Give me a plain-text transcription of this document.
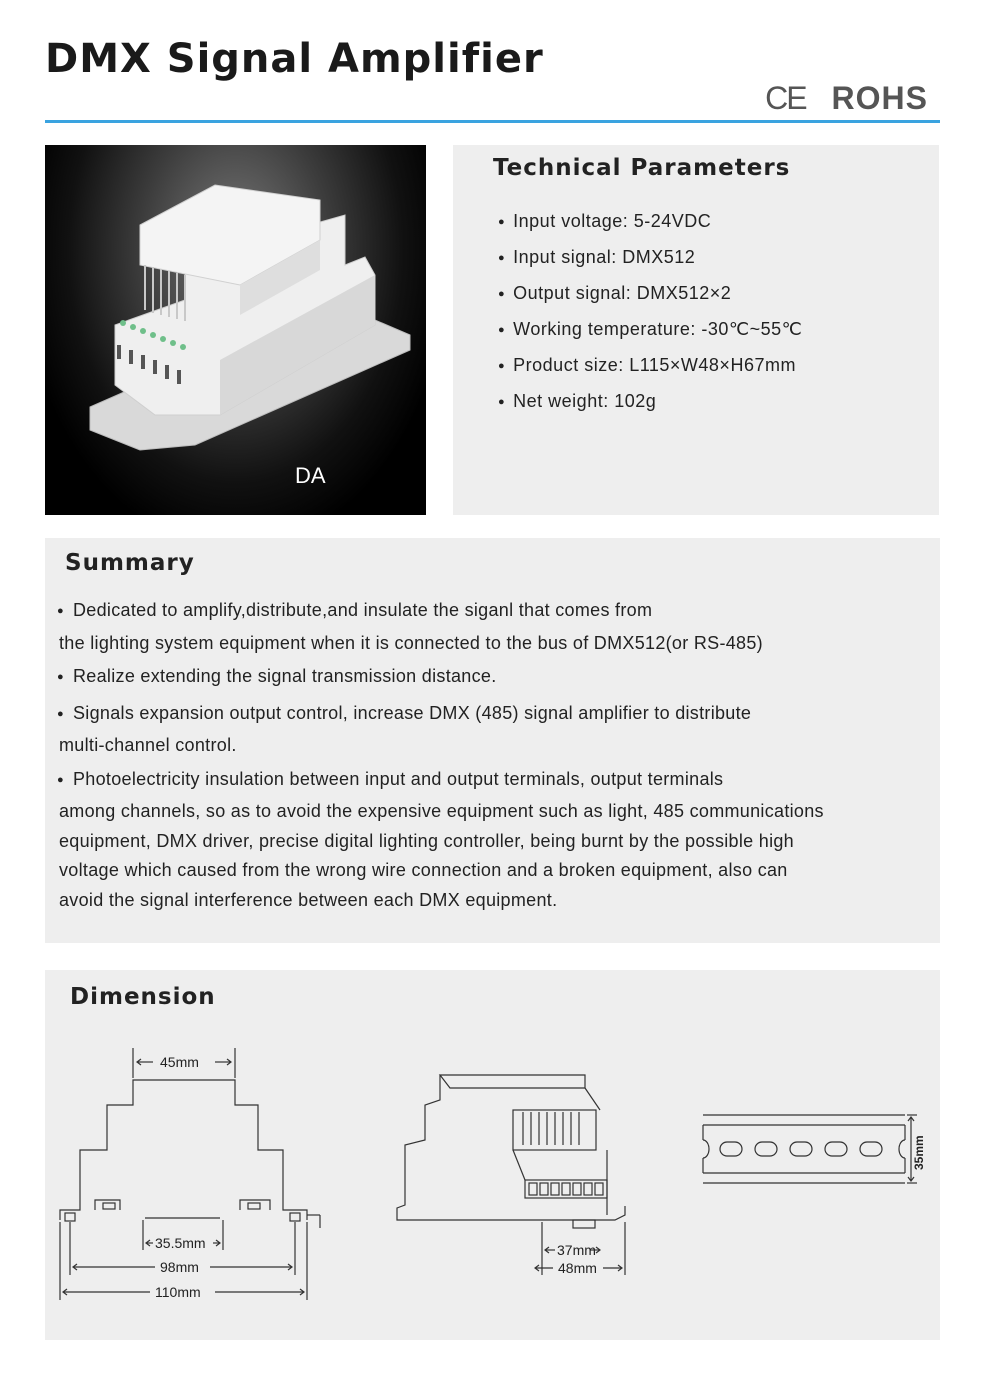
DMX Signal Amplifier
CE ROHS
DA
Technical Parameters
● Input voltage: 5-24VDC
● Input signal: DMX512
● Output signal: DMX512×2
● Working temperature: -30℃~55℃
● Product size: L115×W48×H67mm
● Net weight: 102g
Summary
● Dedicated to amplify,distribute,and insulate the siganl that comes from
the lighting system equipment when it is connected to the bus of DMX512(or RS-485)
● Realize extending the signal transmission distance.
● Signals expansion output control, increase DMX (485) signal amplifier to distribute
multi-channel control.
● Photoelectricity insulation between input and output terminals, output terminals
among channels, so as to avoid the expensive equipment such as light, 485 communications
equipment, DMX driver, precise digital lighting controller, being burnt by the possible high
voltage which caused from the wrong wire connection and a broken equipment, also can
avoid the signal interference between each DMX equipment.
Dimension
45mm
35.5mm
98mm
110mm
37mm
48mm
35mm
